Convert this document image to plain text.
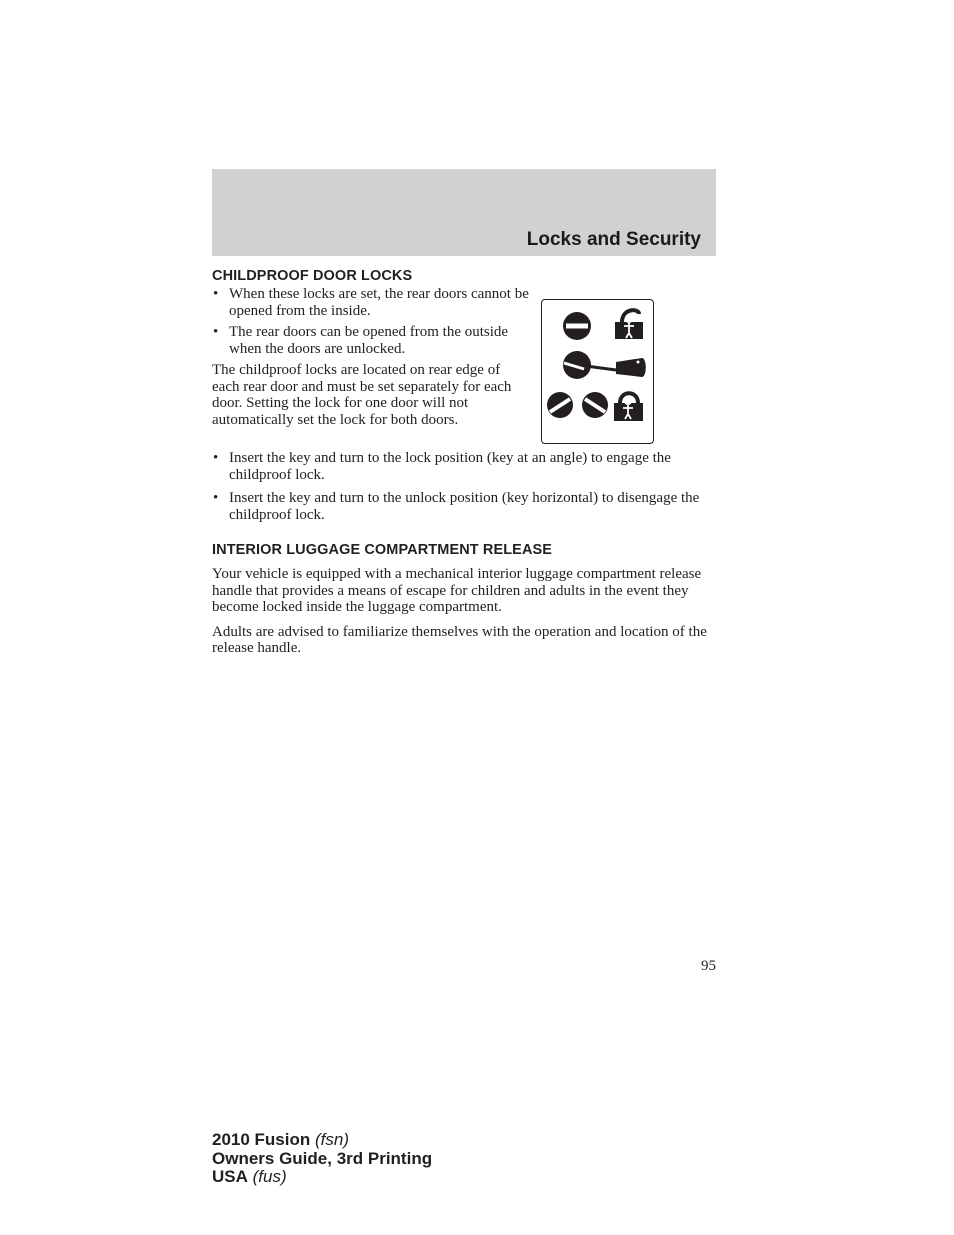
Locks and Security
CHILDPROOF DOOR LOCKS
• When these locks are set, the rear doors cannot be opened from the inside.
• The rear doors can be opened from the outside when the doors are unlocked.

The childproof locks are located on rear edge of each rear door and must be set separately for each door. Setting the lock for one door will not automatically set the lock for both doors.

• Insert the key and turn to the lock position (key at an angle) to engage the childproof lock.
• Insert the key and turn to the unlock position (key horizontal) to disengage the childproof lock.
INTERIOR LUGGAGE COMPARTMENT RELEASE

Your vehicle is equipped with a mechanical interior luggage compartment release handle that provides a means of escape for children and adults in the event they become locked inside the luggage compartment.

Adults are advised to familiarize themselves with the operation and location of the release handle.

95
2010 Fusion (fsn)
Owners Guide, 3rd Printing
USA (fus)
